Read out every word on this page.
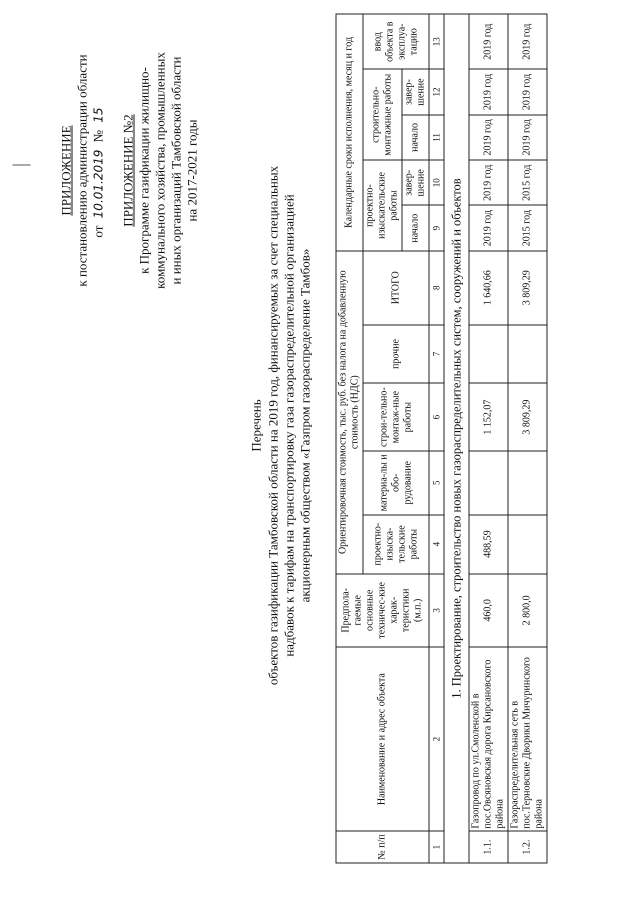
ПРИЛОЖЕНИЕ к постановлению администрации области от 10.01.2019 № 15 ПРИЛОЖЕНИЕ №2 к Программе газификации жилищно- коммунального хозяйства, промышленных и иных организаций Тамбовской области на 2017-2021 годы
Перечень объектов газификации Тамбовской области на 2019 год, финансируемых за счет специальных надбавок к тарифам на транспортировку газа газораспределительной организацией акционерным обществом «Газпром газораспределение Тамбов»
№ п/п	Наименование и адрес объекта	Предпола-гаемые основные техничес-кие харак-теристики (м.п.)	Ориентировочная стоимость, тыс. руб. без налога на добавленную стоимость (НДС)					Календарные сроки исполнения, месяц и год				
			проектно-изыска-тельские работы	материа-лы и обо-рудование	строи-тельно-монтаж-ные работы	прочие	ИТОГО	проектно-изыскательские работы		строительно-монтажные работы		ввод объекта в эксплуа-тацию
								начало	завер-шение	начало	завер-шение	
1	2	3	4	5	6	7	8	9	10	11	12	13
1. Проектирование, строительство новых газораспределительных систем, сооружений и объектов												
1.1.	Газопровод по ул.Смоленской в пос.Овсяновская дорога Кирсановского района	460,0	488,59		1 152,07		1 640,66	2019 год	2019 год	2019 год	2019 год	2019 год
1.2.	Газораспределительная сеть в пос.Терновские Дворики Мичуринского района	2 800,0			3 809,29		3 809,29	2015 год	2015 год	2019 год	2019 год	2019 год
